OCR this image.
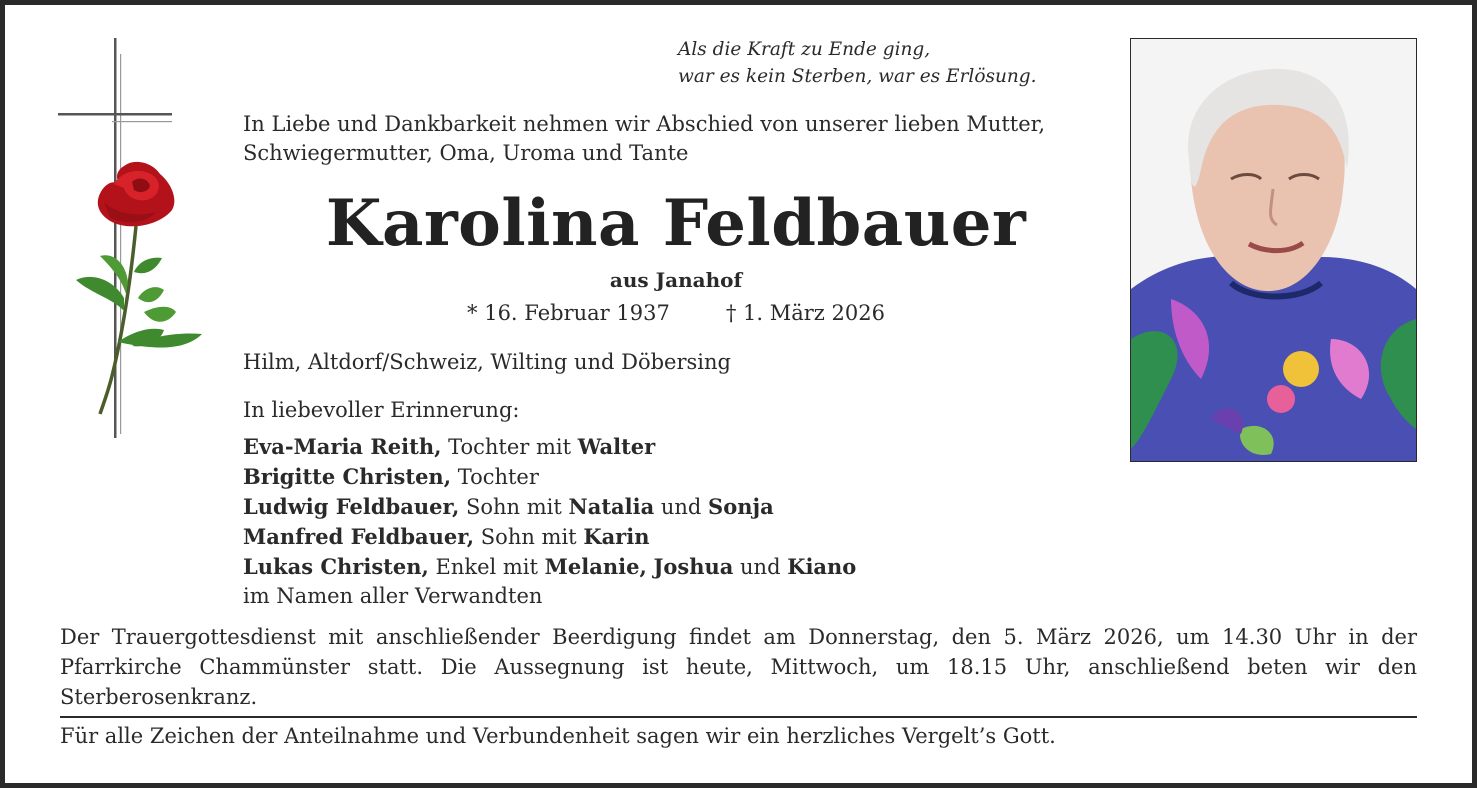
Als die Kraft zu Ende ging,
war es kein Sterben, war es Erlösung.
In Liebe und Dankbarkeit nehmen wir Abschied von unserer lieben Mutter, Schwiegermutter, Oma, Uroma und Tante
Karolina Feldbauer
aus Janahof
* 16. Februar 1937	† 1. März 2026
Hilm, Altdorf/Schweiz, Wilting und Döbersing
In liebevoller Erinnerung:
Eva-Maria Reith, Tochter mit Walter
Brigitte Christen, Tochter
Ludwig Feldbauer, Sohn mit Natalia und Sonja
Manfred Feldbauer, Sohn mit Karin
Lukas Christen, Enkel mit Melanie, Joshua und Kiano
im Namen aller Verwandten
Der Trauergottesdienst mit anschließender Beerdigung findet am Donnerstag, den 5. März 2026, um 14.30 Uhr in der Pfarrkirche Chammünster statt. Die Aussegnung ist heute, Mittwoch, um 18.15 Uhr, anschließend beten wir den Sterberosenkranz.
Für alle Zeichen der Anteilnahme und Verbundenheit sagen wir ein herzliches Vergelt’s Gott.
